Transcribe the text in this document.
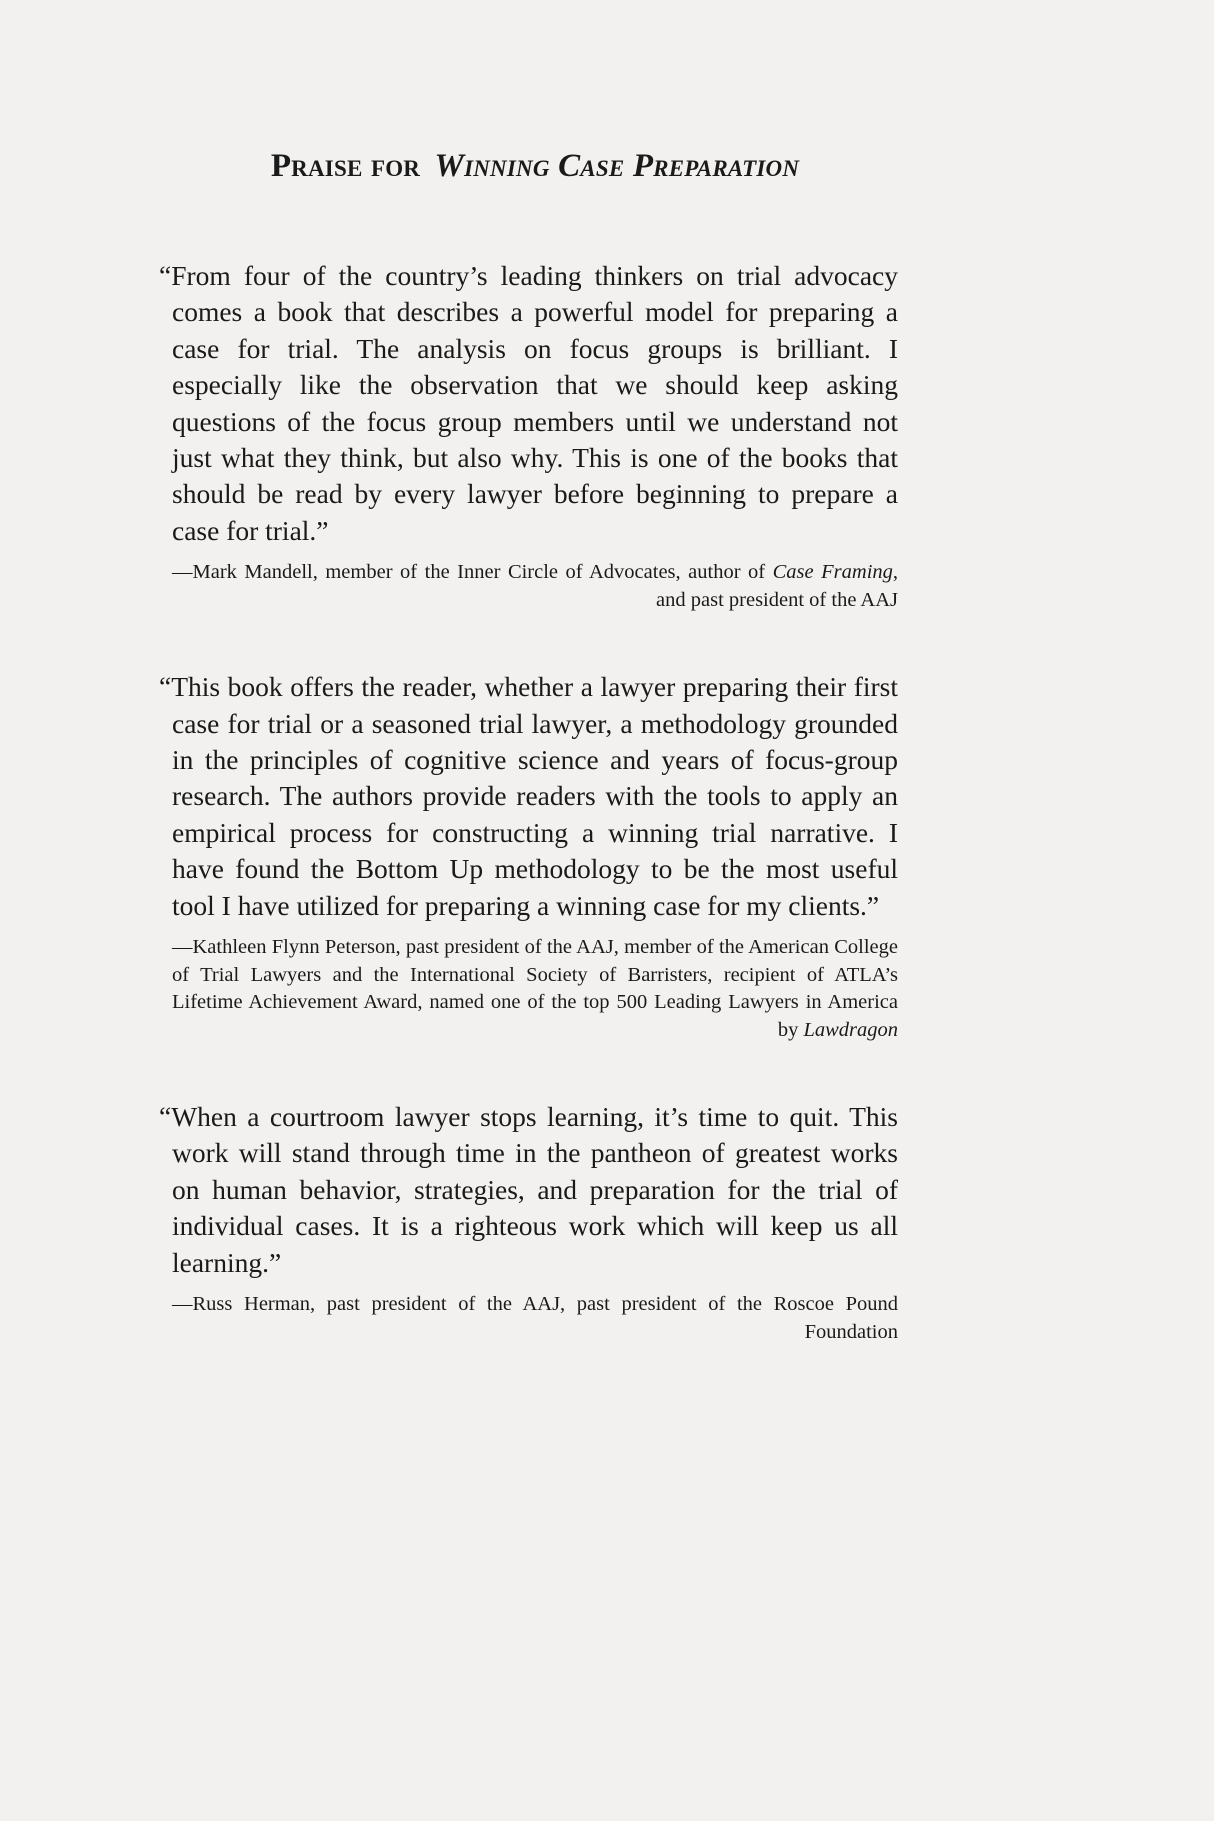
Praise for Winning Case Preparation

“From four of the country’s leading thinkers on trial advocacy comes a book that describes a powerful model for preparing a case for trial. The analysis on focus groups is brilliant. I especially like the observation that we should keep asking questions of the focus group members until we understand not just what they think, but also why. This is one of the books that should be read by every lawyer before beginning to prepare a case for trial.”

—Mark Mandell, member of the Inner Circle of Advocates, author of Case Framing, and past president of the AAJ

“This book offers the reader, whether a lawyer preparing their first case for trial or a seasoned trial lawyer, a methodology grounded in the principles of cognitive science and years of focus-group research. The authors provide readers with the tools to apply an empirical process for constructing a winning trial narrative. I have found the Bottom Up methodology to be the most useful tool I have utilized for preparing a winning case for my clients.”

—Kathleen Flynn Peterson, past president of the AAJ, member of the American College of Trial Lawyers and the International Society of Barristers, recipient of ATLA’s Lifetime Achievement Award, named one of the top 500 Leading Lawyers in America by Lawdragon

“When a courtroom lawyer stops learning, it’s time to quit. This work will stand through time in the pantheon of greatest works on human behavior, strategies, and preparation for the trial of individual cases. It is a righteous work which will keep us all learning.”

—Russ Herman, past president of the AAJ, past president of the Roscoe Pound Foundation
